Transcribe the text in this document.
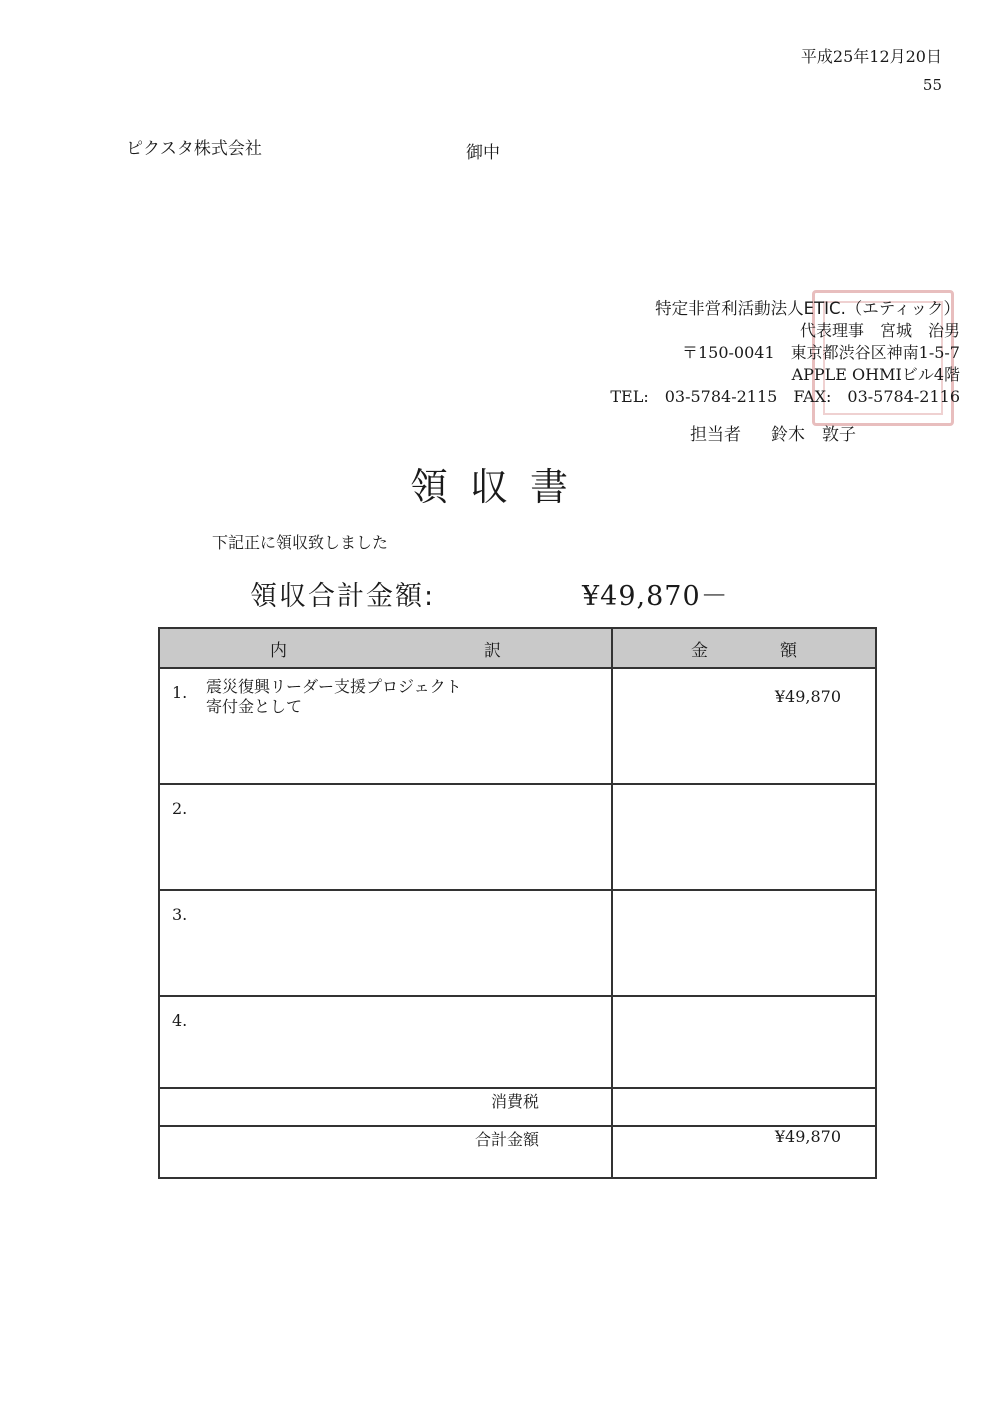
平成25年12月20日
55
ピクスタ株式会社	御中
特定非営利活動法人ETIC.（エティック）
代表理事　宮城　治男
〒150-0041　東京都渋谷区神南1-5-7
APPLE OHMIビル4階
TEL:　03-5784-2115　FAX:　03-5784-2116
担当者 鈴木　敦子
領収書
下記正に領収致しました
領収合計金額:	¥49,870－
内 訳	金 額

1. 震災復興リーダー支援プロジェクト
寄付金として	¥49,870
2.	
3.	
4.	
消費税	
合計金額	¥49,870
